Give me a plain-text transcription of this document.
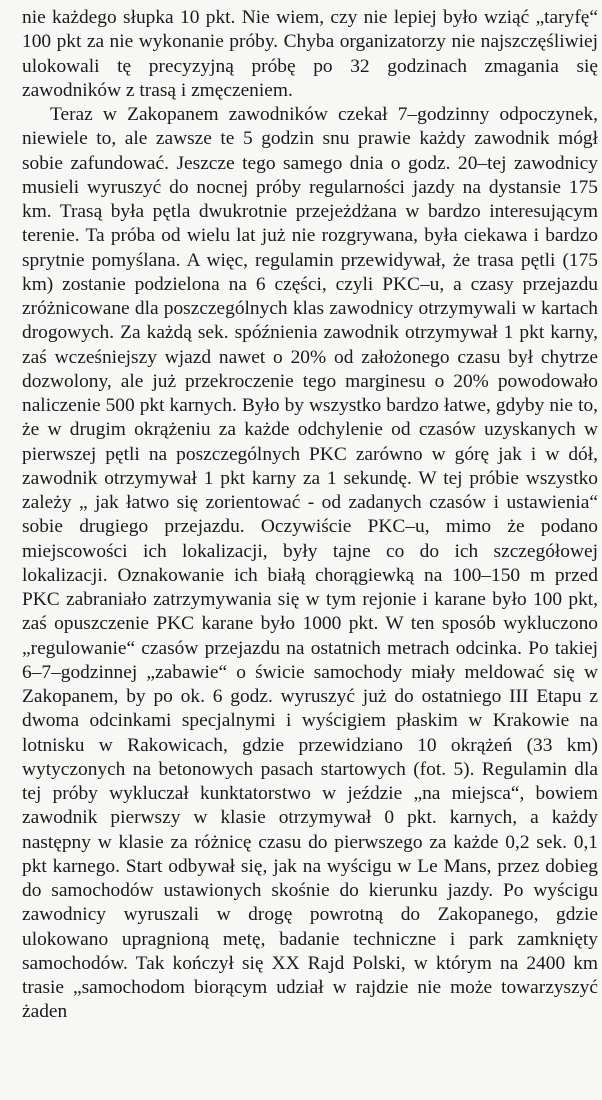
nie każdego słupka 10 pkt. Nie wiem, czy nie lepiej było wziąć „taryfę“ 100 pkt za nie wykonanie próby. Chyba organizatorzy nie najszczęśliwiej ulokowali tę precyzyjną próbę po 32 godzinach zmagania się zawodników z trasą i zmęczeniem.

Teraz w Zakopanem zawodników czekał 7–godzinny odpoczynek, niewiele to, ale zawsze te 5 godzin snu prawie każdy zawodnik mógł sobie zafundować. Jeszcze tego samego dnia o godz. 20–tej zawodnicy musieli wyruszyć do nocnej próby regularności jazdy na dystansie 175 km. Trasą była pętla dwukrotnie przejeżdżana w bardzo interesującym terenie. Ta próba od wielu lat już nie rozgrywana, była ciekawa i bardzo sprytnie pomyślana. A więc, regulamin przewidywał, że trasa pętli (175 km) zostanie podzielona na 6 części, czyli PKC–u, a czasy przejazdu zróżnicowane dla poszczególnych klas zawodnicy otrzymywali w kartach drogowych. Za każdą sek. spóźnienia zawodnik otrzymywał 1 pkt karny, zaś wcześniejszy wjazd nawet o 20% od założonego czasu był chytrze dozwolony, ale już przekroczenie tego marginesu o 20% powodowało naliczenie 500 pkt karnych. Było by wszystko bardzo łatwe, gdyby nie to, że w drugim okrążeniu za każde odchylenie od czasów uzyskanych w pierwszej pętli na poszczególnych PKC zarówno w górę jak i w dół, zawodnik otrzymywał 1 pkt karny za 1 sekundę. W tej próbie wszystko zależy „ jak łatwo się zorientować - od zadanych czasów i ustawienia“ sobie drugiego przejazdu. Oczywiście PKC–u, mimo że podano miejscowości ich lokalizacji, były tajne co do ich szczegółowej lokalizacji. Oznakowanie ich białą chorągiewką na 100–150 m przed PKC zabraniało zatrzymywania się w tym rejonie i karane było 100 pkt, zaś opuszczenie PKC karane było 1000 pkt. W ten sposób wykluczono „regulowanie“ czasów przejazdu na ostatnich metrach odcinka. Po takiej 6–7–godzinnej „zabawie“ o świcie samochody miały meldować się w Zakopanem, by po ok. 6 godz. wyruszyć już do ostatniego III Etapu z dwoma odcinkami specjalnymi i wyścigiem płaskim w Krakowie na lotnisku w Rakowicach, gdzie przewidziano 10 okrążeń (33 km) wytyczonych na betonowych pasach startowych (fot. 5). Regulamin dla tej próby wykluczał kunktatorstwo w jeździe „na miejsca“, bowiem zawodnik pierwszy w klasie otrzymywał 0 pkt. karnych, a każdy następny w klasie za różnicę czasu do pierwszego za każde 0,2 sek. 0,1 pkt karnego. Start odbywał się, jak na wyścigu w Le Mans, przez dobieg do samochodów ustawionych skośnie do kierunku jazdy. Po wyścigu zawodnicy wyruszali w drogę powrotną do Zakopanego, gdzie ulokowano upragnioną metę, badanie techniczne i park zamknięty samochodów. Tak kończył się XX Rajd Polski, w którym na 2400 km trasie „samochodom biorącym udział w rajdzie nie może towarzyszyć żaden
